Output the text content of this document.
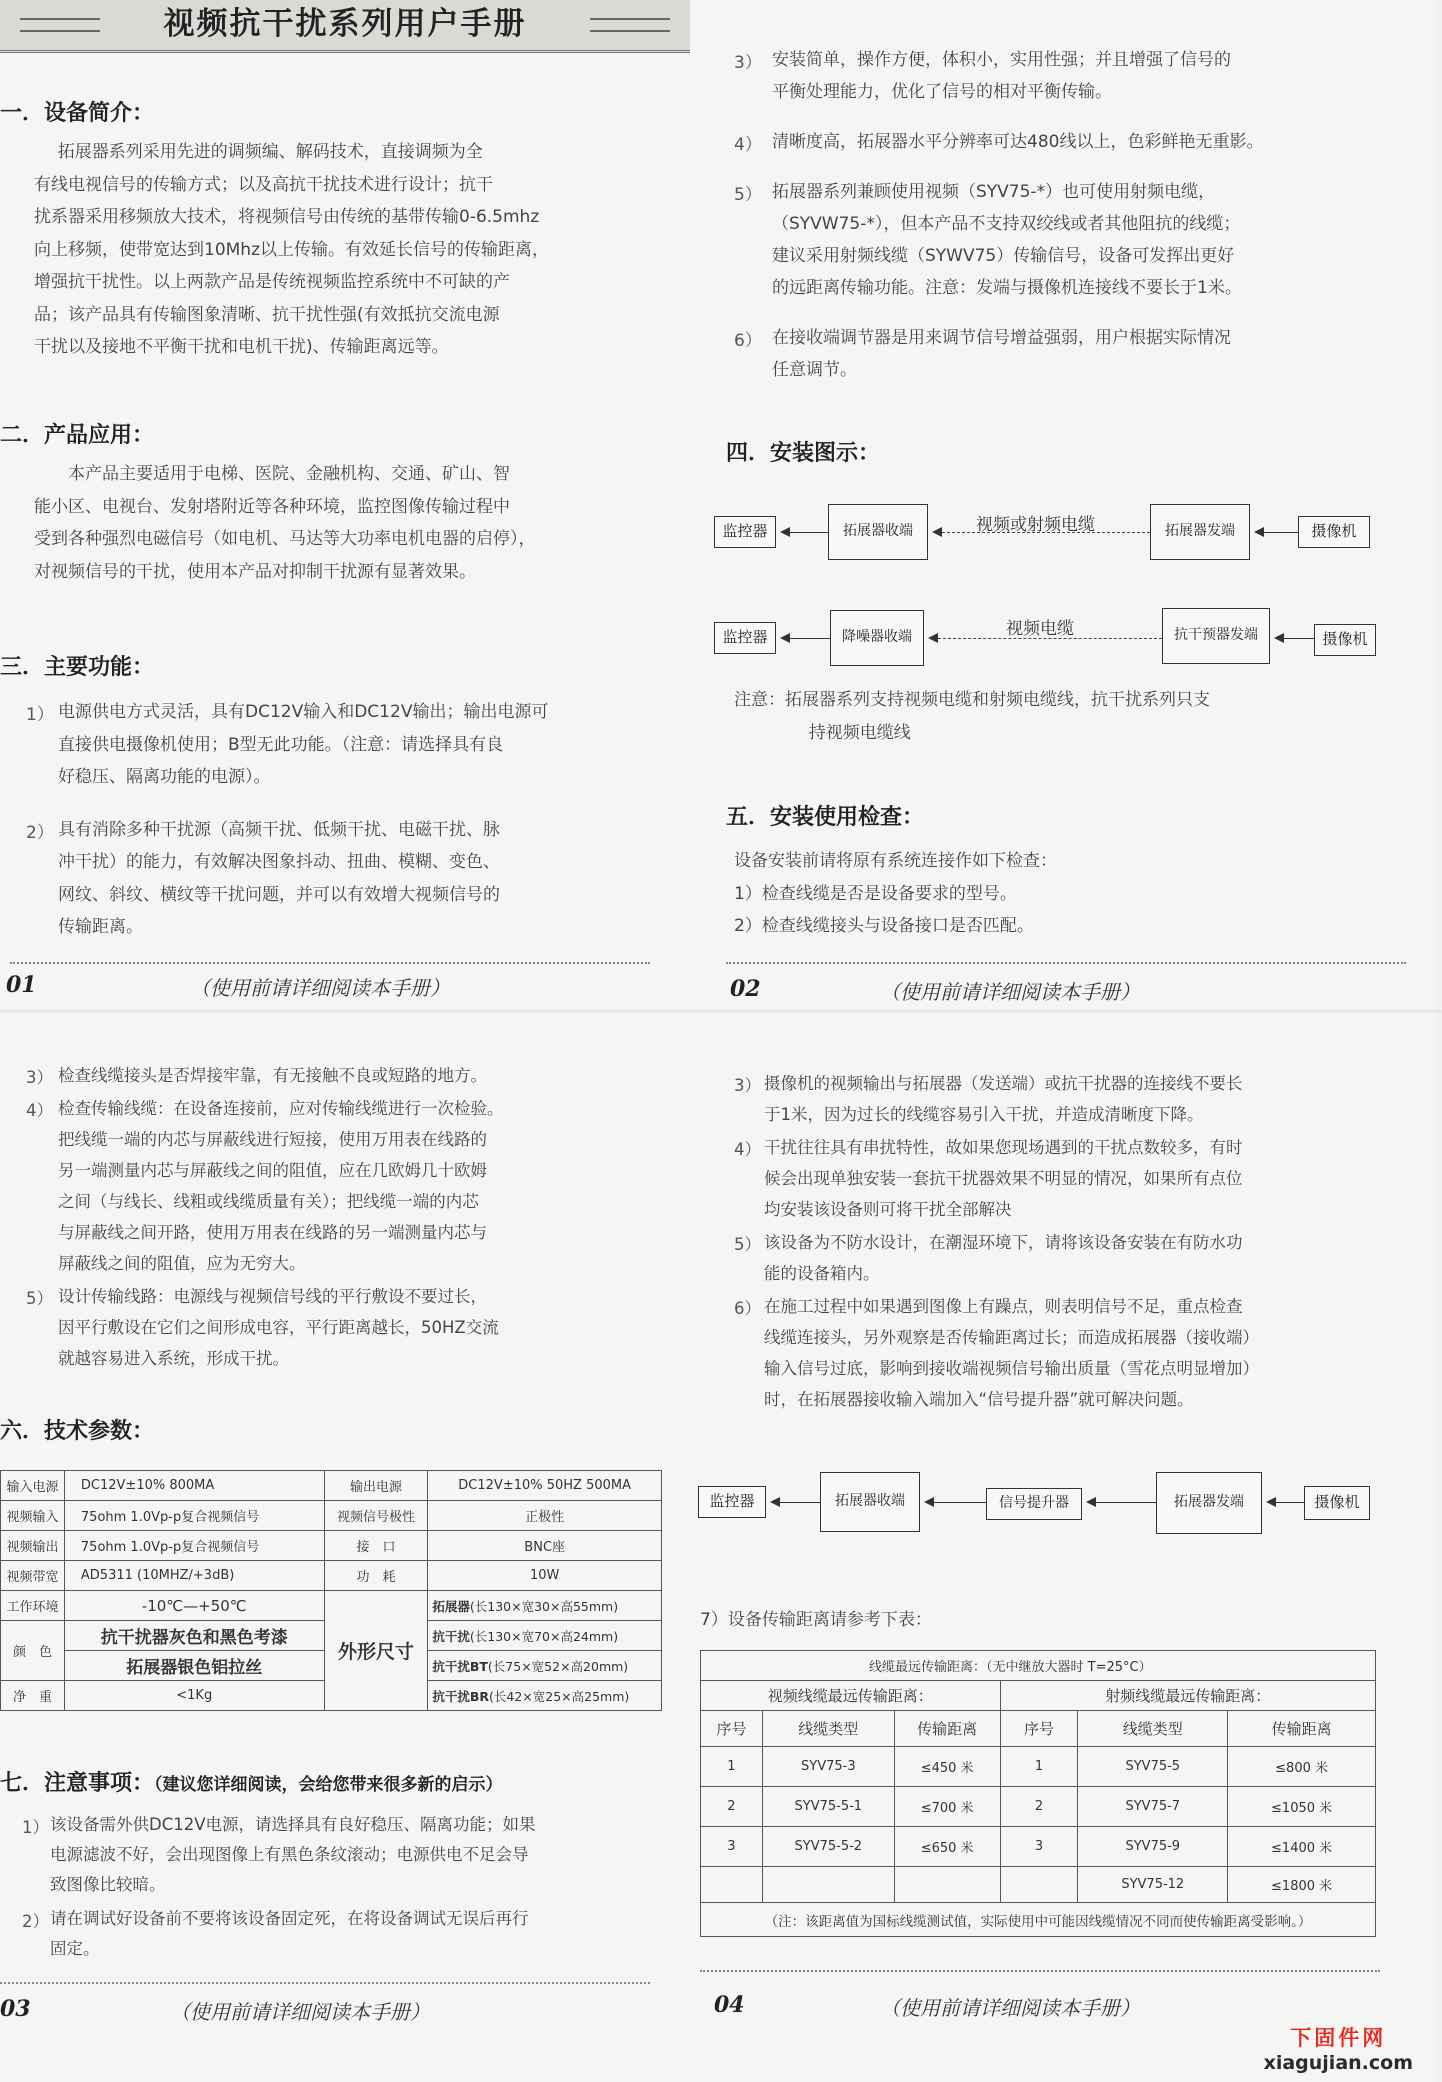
视频抗干扰系列用户手册
一．设备简介：
拓展器系列采用先进的调频编、解码技术，直接调频为全
有线电视信号的传输方式；以及高抗干扰技术进行设计；抗干
扰系器采用移频放大技术，将视频信号由传统的基带传输0-6.5mhz
向上移频，使带宽达到10Mhz以上传输。有效延长信号的传输距离，
增强抗干扰性。以上两款产品是传统视频监控系统中不可缺的产
品；该产品具有传输图象清晰、抗干扰性强(有效抵抗交流电源
干扰以及接地不平衡干扰和电机干扰)、传输距离远等。
二．产品应用：
本产品主要适用于电梯、医院、金融机构、交通、矿山、智
能小区、电视台、发射塔附近等各种环境，监控图像传输过程中
受到各种强烈电磁信号（如电机、马达等大功率电机电器的启停），
对视频信号的干扰，使用本产品对抑制干扰源有显著效果。
三．主要功能：
1） 电源供电方式灵活，具有DC12V输入和DC12V输出；输出电源可
直接供电摄像机使用；B型无此功能。（注意：请选择具有良
好稳压、隔离功能的电源）。
2） 具有消除多种干扰源（高频干扰、低频干扰、电磁干扰、脉
冲干扰）的能力，有效解决图象抖动、扭曲、模糊、变色、
网纹、斜纹、横纹等干扰问题，并可以有效增大视频信号的
传输距离。
01	（使用前请详细阅读本手册）
3） 安装简单，操作方便，体积小，实用性强；并且增强了信号的
平衡处理能力，优化了信号的相对平衡传输。
4） 清晰度高，拓展器水平分辨率可达480线以上，色彩鲜艳无重影。
5） 拓展器系列兼顾使用视频（SYV75-*）也可使用射频电缆，
（SYVW75-*），但本产品不支持双绞线或者其他阻抗的线缆；
建议采用射频线缆（SYWV75）传输信号，设备可发挥出更好
的远距离传输功能。注意：发端与摄像机连接线不要长于1米。
6） 在接收端调节器是用来调节信号增益强弱，用户根据实际情况
任意调节。
四．安装图示：
监控器	拓展器收端	视频或射频电缆	拓展器发端	摄像机
监控器	降噪器收端	视频电缆	抗干预器发端	摄像机
注意：拓展器系列支持视频电缆和射频电缆线，抗干扰系列只支
持视频电缆线
五．安装使用检查：
设备安装前请将原有系统连接作如下检查：
1）检查线缆是否是设备要求的型号。
2）检查线缆接头与设备接口是否匹配。
02	（使用前请详细阅读本手册）
3） 检查线缆接头是否焊接牢靠，有无接触不良或短路的地方。
4） 检查传输线缆：在设备连接前，应对传输线缆进行一次检验。
把线缆一端的内芯与屏蔽线进行短接，使用万用表在线路的
另一端测量内芯与屏蔽线之间的阻值，应在几欧姆几十欧姆
之间（与线长、线粗或线缆质量有关）；把线缆一端的内芯
与屏蔽线之间开路，使用万用表在线路的另一端测量内芯与
屏蔽线之间的阻值，应为无穷大。
5） 设计传输线路：电源线与视频信号线的平行敷设不要过长，
因平行敷设在它们之间形成电容，平行距离越长，50HZ交流
就越容易进入系统，形成干扰。
六．技术参数：
输入电源	DC12V±10% 800MA	输出电源	DC12V±10% 50HZ 500MA
视频输入	75ohm 1.0Vp-p复合视频信号	视频信号极性	正极性
视频输出	75ohm 1.0Vp-p复合视频信号	接　口	BNC座
视频带宽	AD5311 (10MHZ/+3dB)	功　耗	10W
工作环境	-10℃—+50℃	外形尺寸	拓展器(长130×宽30×高55mm)
颜　色	抗干扰器灰色和黑色考漆		抗干扰(长130×宽70×高24mm)
	拓展器银色铝拉丝		抗干扰BT(长75×宽52×高20mm)
净　重	<1Kg		抗干扰BR(长42×宽25×高25mm)
七．注意事项：（建议您详细阅读，会给您带来很多新的启示）
1） 该设备需外供DC12V电源，请选择具有良好稳压、隔离功能；如果
电源滤波不好，会出现图像上有黑色条纹滚动；电源供电不足会导
致图像比较暗。
2） 请在调试好设备前不要将该设备固定死，在将设备调试无误后再行
固定。
03	（使用前请详细阅读本手册）
3） 摄像机的视频输出与拓展器（发送端）或抗干扰器的连接线不要长
于1米，因为过长的线缆容易引入干扰，并造成清晰度下降。
4） 干扰往往具有串扰特性，故如果您现场遇到的干扰点数较多，有时
候会出现单独安装一套抗干扰器效果不明显的情况，如果所有点位
均安装该设备则可将干扰全部解决
5） 该设备为不防水设计，在潮湿环境下，请将该设备安装在有防水功
能的设备箱内。
6） 在施工过程中如果遇到图像上有躁点，则表明信号不足，重点检查
线缆连接头，另外观察是否传输距离过长；而造成拓展器（接收端）
输入信号过底，影响到接收端视频信号输出质量（雪花点明显增加）
时，在拓展器接收输入端加入“信号提升器”就可解决问题。
监控器	拓展器收端	信号提升器	拓展器发端	摄像机
7）设备传输距离请参考下表：
线缆最远传输距离：（无中继放大器时 T=25°C）					
视频线缆最远传输距离：			射频线缆最远传输距离：		
序号	线缆类型	传输距离	序号	线缆类型	传输距离
1	SYV75-3	≤450 米	1	SYV75-5	≤800 米
2	SYV75-5-1	≤700 米	2	SYV75-7	≤1050 米
3	SYV75-5-2	≤650 米	3	SYV75-9	≤1400 米
				SYV75-12	≤1800 米
（注：该距离值为国标线缆测试值，实际使用中可能因线缆情况不同而使传输距离受影响。）					
04	（使用前请详细阅读本手册）
下固件网
xiagujian.com
